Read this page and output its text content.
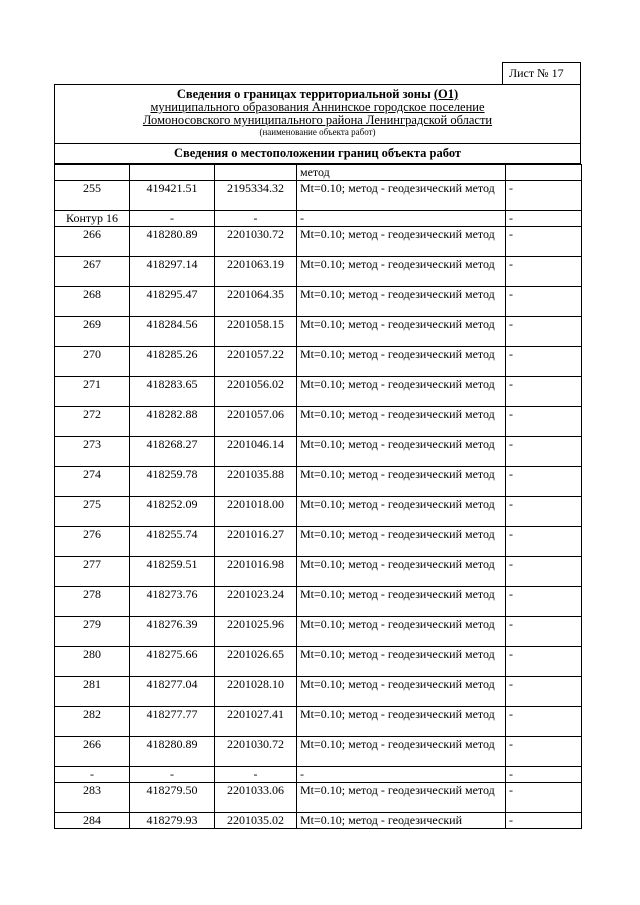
Лист № 17
Сведения о границах территориальной зоны (О1)
муниципального образования Аннинское городское поселение
Ломоносовского муниципального района Ленинградской области
(наименование объекта работ)
Сведения о местоположении границ объекта работ
			метод	
255	419421.51	2195334.32	Mt=0.10; метод - геодезический метод	-
Контур 16	-	-	-	-
266	418280.89	2201030.72	Mt=0.10; метод - геодезический метод	-
267	418297.14	2201063.19	Mt=0.10; метод - геодезический метод	-
268	418295.47	2201064.35	Mt=0.10; метод - геодезический метод	-
269	418284.56	2201058.15	Mt=0.10; метод - геодезический метод	-
270	418285.26	2201057.22	Mt=0.10; метод - геодезический метод	-
271	418283.65	2201056.02	Mt=0.10; метод - геодезический метод	-
272	418282.88	2201057.06	Mt=0.10; метод - геодезический метод	-
273	418268.27	2201046.14	Mt=0.10; метод - геодезический метод	-
274	418259.78	2201035.88	Mt=0.10; метод - геодезический метод	-
275	418252.09	2201018.00	Mt=0.10; метод - геодезический метод	-
276	418255.74	2201016.27	Mt=0.10; метод - геодезический метод	-
277	418259.51	2201016.98	Mt=0.10; метод - геодезический метод	-
278	418273.76	2201023.24	Mt=0.10; метод - геодезический метод	-
279	418276.39	2201025.96	Mt=0.10; метод - геодезический метод	-
280	418275.66	2201026.65	Mt=0.10; метод - геодезический метод	-
281	418277.04	2201028.10	Mt=0.10; метод - геодезический метод	-
282	418277.77	2201027.41	Mt=0.10; метод - геодезический метод	-
266	418280.89	2201030.72	Mt=0.10; метод - геодезический метод	-
-	-	-	-	-
283	418279.50	2201033.06	Mt=0.10; метод - геодезический метод	-
284	418279.93	2201035.02	Mt=0.10; метод - геодезический	-
